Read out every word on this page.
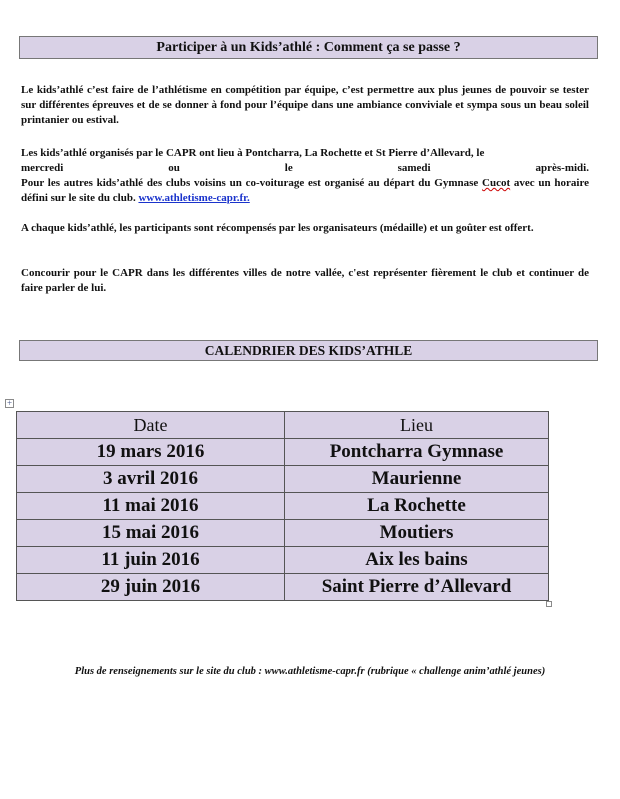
Participer à un Kids’athlé : Comment ça se passe ?

Le kids’athlé c’est faire de l’athlétisme en compétition par équipe, c’est permettre aux plus jeunes de pouvoir se tester sur différentes épreuves et de se donner à fond pour l’équipe dans une ambiance conviviale et sympa sous un beau soleil printanier ou estival.

Les kids’athlé organisés par le CAPR ont lieu à Pontcharra, La Rochette et St Pierre d’Allevard, le
mercredi	ou	le	samedi	après-midi.
Pour les autres kids’athlé des clubs voisins un co-voiturage est organisé au départ du Gymnase Cucot avec un horaire défini sur le site du club. www.athletisme-capr.fr.

A chaque kids’athlé, les participants sont récompensés par les organisateurs (médaille) et un goûter est offert.

Concourir pour le CAPR dans les différentes villes de notre vallée, c'est représenter fièrement le club et continuer de faire parler de lui.

CALENDRIER DES KIDS’ATHLE
+
Date	Lieu
19 mars 2016	Pontcharra Gymnase
3 avril 2016	Maurienne
11 mai 2016	La Rochette
15 mai 2016	Moutiers
11 juin 2016	Aix les bains
29 juin 2016	Saint Pierre d’Allevard
Plus de renseignements sur le site du club : www.athletisme-capr.fr (rubrique « challenge anim’athlé jeunes)
